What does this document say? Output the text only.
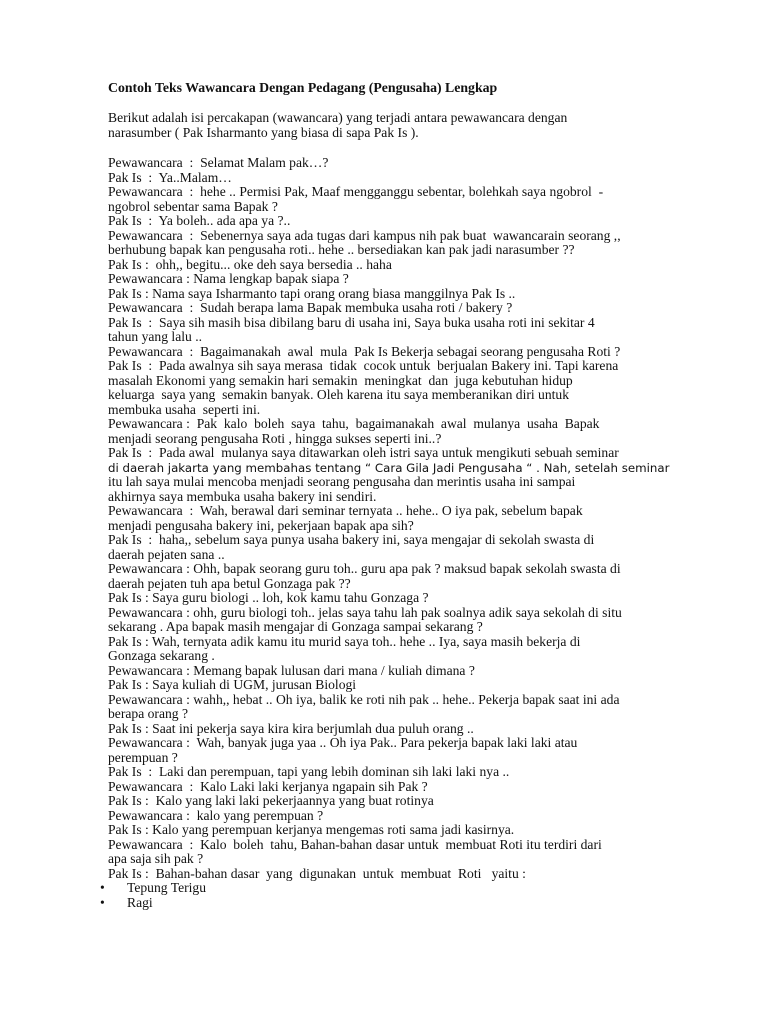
Contoh Teks Wawancara Dengan Pedagang (Pengusaha) Lengkap
Berikut adalah isi percakapan (wawancara) yang terjadi antara pewawancara dengan
narasumber ( Pak Isharmanto yang biasa di sapa Pak Is ).
Pewawancara  :  Selamat Malam pak…?
Pak Is  :  Ya..Malam…
Pewawancara  :  hehe .. Permisi Pak, Maaf mengganggu sebentar, bolehkah saya ngobrol  -
ngobrol sebentar sama Bapak ?
Pak Is  :  Ya boleh.. ada apa ya ?..
Pewawancara  :  Sebenernya saya ada tugas dari kampus nih pak buat  wawancarain seorang ,,
berhubung bapak kan pengusaha roti.. hehe .. bersediakan kan pak jadi narasumber ??
Pak Is :  ohh,, begitu... oke deh saya bersedia .. haha
Pewawancara : Nama lengkap bapak siapa ?
Pak Is : Nama saya Isharmanto tapi orang orang biasa manggilnya Pak Is ..
Pewawancara  :  Sudah berapa lama Bapak membuka usaha roti / bakery ?
Pak Is  :  Saya sih masih bisa dibilang baru di usaha ini, Saya buka usaha roti ini sekitar 4
tahun yang lalu ..
Pewawancara  :  Bagaimanakah  awal  mula  Pak Is Bekerja sebagai seorang pengusaha Roti ?
Pak Is  :  Pada awalnya sih saya merasa  tidak  cocok untuk  berjualan Bakery ini. Tapi karena
masalah Ekonomi yang semakin hari semakin  meningkat  dan  juga kebutuhan hidup
keluarga  saya yang  semakin banyak. Oleh karena itu saya memberanikan diri untuk
membuka usaha  seperti ini.
Pewawancara :  Pak  kalo  boleh  saya  tahu,  bagaimanakah  awal  mulanya  usaha  Bapak
menjadi seorang pengusaha Roti , hingga sukses seperti ini..?
Pak Is  :  Pada awal  mulanya saya ditawarkan oleh istri saya untuk mengikuti sebuah seminar
di daerah jakarta yang membahas tentang “ Cara Gila Jadi Pengusaha “ . Nah, setelah seminar
itu lah saya mulai mencoba menjadi seorang pengusaha dan merintis usaha ini sampai
akhirnya saya membuka usaha bakery ini sendiri.
Pewawancara  :  Wah, berawal dari seminar ternyata .. hehe.. O iya pak, sebelum bapak
menjadi pengusaha bakery ini, pekerjaan bapak apa sih?
Pak Is  :  haha,, sebelum saya punya usaha bakery ini, saya mengajar di sekolah swasta di
daerah pejaten sana ..
Pewawancara : Ohh, bapak seorang guru toh.. guru apa pak ? maksud bapak sekolah swasta di
daerah pejaten tuh apa betul Gonzaga pak ??
Pak Is : Saya guru biologi .. loh, kok kamu tahu Gonzaga ?
Pewawancara : ohh, guru biologi toh.. jelas saya tahu lah pak soalnya adik saya sekolah di situ
sekarang . Apa bapak masih mengajar di Gonzaga sampai sekarang ?
Pak Is : Wah, ternyata adik kamu itu murid saya toh.. hehe .. Iya, saya masih bekerja di
Gonzaga sekarang .
Pewawancara : Memang bapak lulusan dari mana / kuliah dimana ?
Pak Is : Saya kuliah di UGM, jurusan Biologi
Pewawancara : wahh,, hebat .. Oh iya, balik ke roti nih pak .. hehe.. Pekerja bapak saat ini ada
berapa orang ?
Pak Is : Saat ini pekerja saya kira kira berjumlah dua puluh orang ..
Pewawancara :  Wah, banyak juga yaa .. Oh iya Pak.. Para pekerja bapak laki laki atau
perempuan ?
Pak Is  :  Laki dan perempuan, tapi yang lebih dominan sih laki laki nya ..
Pewawancara  :  Kalo Laki laki kerjanya ngapain sih Pak ?
Pak Is :  Kalo yang laki laki pekerjaannya yang buat rotinya
Pewawancara :  kalo yang perempuan ?
Pak Is : Kalo yang perempuan kerjanya mengemas roti sama jadi kasirnya.
Pewawancara  :  Kalo  boleh  tahu, Bahan-bahan dasar untuk  membuat Roti itu terdiri dari
apa saja sih pak ?
Pak Is :  Bahan-bahan dasar  yang  digunakan  untuk  membuat  Roti   yaitu :

•

Tepung Terigu

•

Ragi
